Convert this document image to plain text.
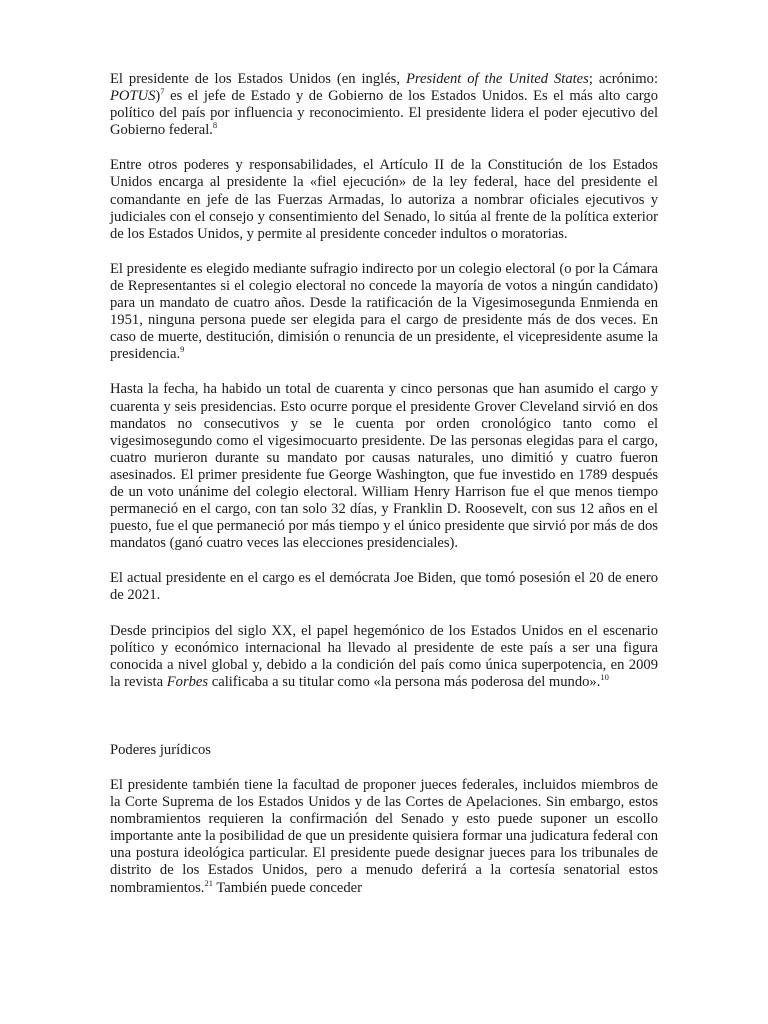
El presidente de los Estados Unidos (en inglés, President of the United States; acrónimo: POTUS)$^7$ es el jefe de Estado y de Gobierno de los Estados Unidos. Es el más alto cargo político del país por influencia y reconocimiento. El presidente lidera el poder ejecutivo del Gobierno federal.$^8$

Entre otros poderes y responsabilidades, el Artículo II de la Constitución de los Estados Unidos encarga al presidente la «fiel ejecución» de la ley federal, hace del presidente el comandante en jefe de las Fuerzas Armadas, lo autoriza a nombrar oficiales ejecutivos y judiciales con el consejo y consentimiento del Senado, lo sitúa al frente de la política exterior de los Estados Unidos, y permite al presidente conceder indultos o moratorias.

El presidente es elegido mediante sufragio indirecto por un colegio electoral (o por la Cámara de Representantes si el colegio electoral no concede la mayoría de votos a ningún candidato) para un mandato de cuatro años. Desde la ratificación de la Vigesimosegunda Enmienda en 1951, ninguna persona puede ser elegida para el cargo de presidente más de dos veces. En caso de muerte, destitución, dimisión o renuncia de un presidente, el vicepresidente asume la presidencia.$^9$

Hasta la fecha, ha habido un total de cuarenta y cinco personas que han asumido el cargo y cuarenta y seis presidencias. Esto ocurre porque el presidente Grover Cleveland sirvió en dos mandatos no consecutivos y se le cuenta por orden cronológico tanto como el vigesimosegundo como el vigesimocuarto presidente. De las personas elegidas para el cargo, cuatro murieron durante su mandato por causas naturales, uno dimitió y cuatro fueron asesinados. El primer presidente fue George Washington, que fue investido en 1789 después de un voto unánime del colegio electoral. William Henry Harrison fue el que menos tiempo permaneció en el cargo, con tan solo 32 días, y Franklin D. Roosevelt, con sus 12 años en el puesto, fue el que permaneció por más tiempo y el único presidente que sirvió por más de dos mandatos (ganó cuatro veces las elecciones presidenciales).

El actual presidente en el cargo es el demócrata Joe Biden, que tomó posesión el 20 de enero de 2021.

Desde principios del siglo XX, el papel hegemónico de los Estados Unidos en el escenario político y económico internacional ha llevado al presidente de este país a ser una figura conocida a nivel global y, debido a la condición del país como única superpotencia, en 2009 la revista Forbes calificaba a su titular como «la persona más poderosa del mundo».$^{10}$

Poderes jurídicos

El presidente también tiene la facultad de proponer jueces federales, incluidos miembros de la Corte Suprema de los Estados Unidos y de las Cortes de Apelaciones. Sin embargo, estos nombramientos requieren la confirmación del Senado y esto puede suponer un escollo importante ante la posibilidad de que un presidente quisiera formar una judicatura federal con una postura ideológica particular. El presidente puede designar jueces para los tribunales de distrito de los Estados Unidos, pero a menudo deferirá a la cortesía senatorial estos nombramientos.$^{21}$ También puede conceder
